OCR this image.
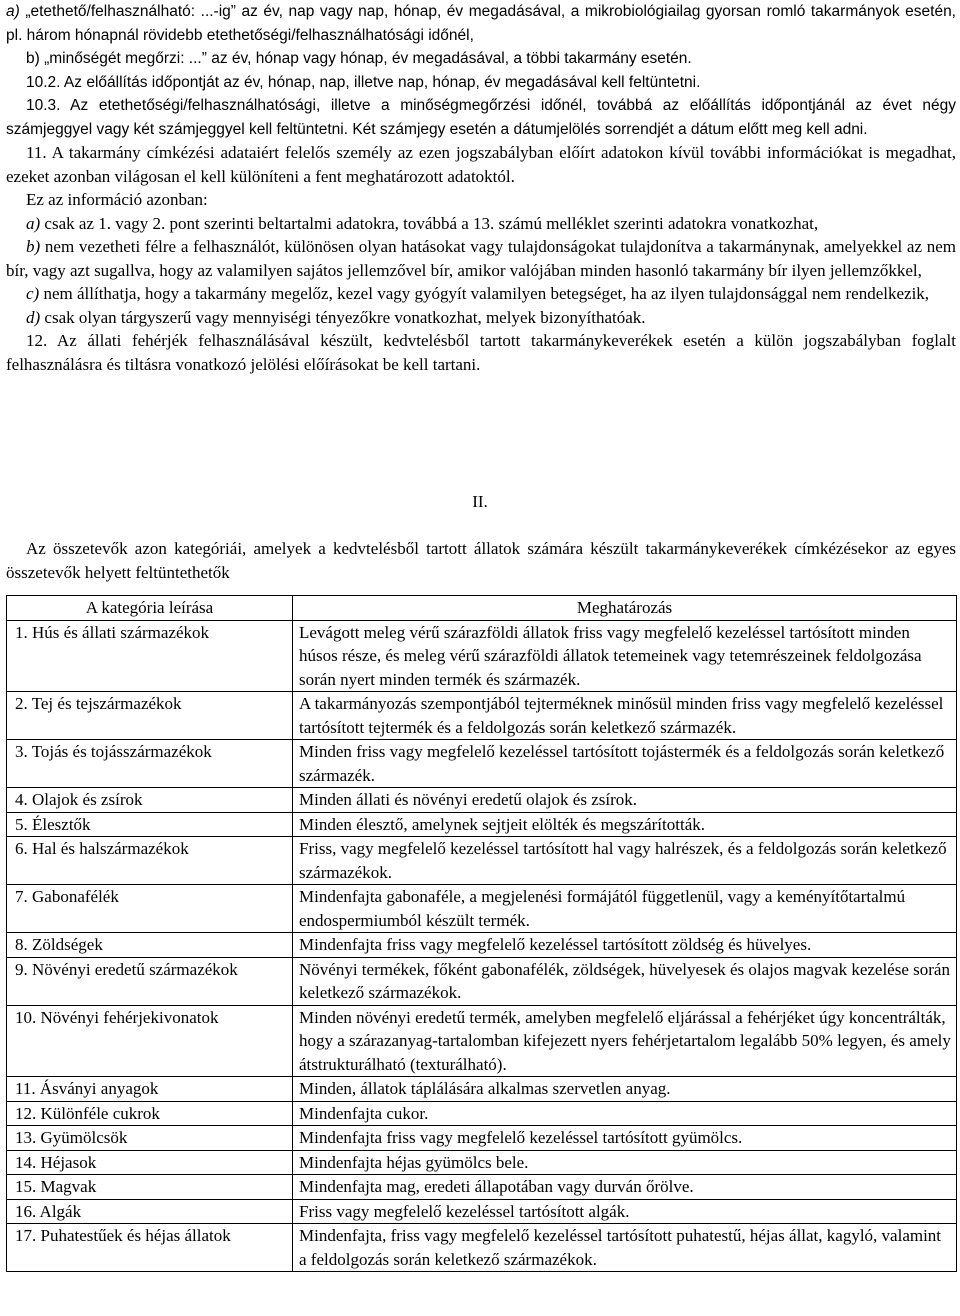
a) „etethető/felhasználható: ...-ig” az év, nap vagy nap, hónap, év megadásával, a mikrobiológiailag gyorsan romló takarmányok esetén, pl. három hónapnál rövidebb etethetőségi/felhasználhatósági időnél,

b) „minőségét megőrzi: ...” az év, hónap vagy hónap, év megadásával, a többi takarmány esetén.

10.2. Az előállítás időpontját az év, hónap, nap, illetve nap, hónap, év megadásával kell feltüntetni.

10.3. Az etethetőségi/felhasználhatósági, illetve a minőségmegőrzési időnél, továbbá az előállítás időpontjánál az évet négy számjeggyel vagy két számjeggyel kell feltüntetni. Két számjegy esetén a dátumjelölés sorrendjét a dátum előtt meg kell adni.

11. A takarmány címkézési adataiért felelős személy az ezen jogszabályban előírt adatokon kívül további információkat is megadhat, ezeket azonban világosan el kell különíteni a fent meghatározott adatoktól.

Ez az információ azonban:

a) csak az 1. vagy 2. pont szerinti beltartalmi adatokra, továbbá a 13. számú melléklet szerinti adatokra vonatkozhat,

b) nem vezetheti félre a felhasználót, különösen olyan hatásokat vagy tulajdonságokat tulajdonítva a takarmánynak, amelyekkel az nem bír, vagy azt sugallva, hogy az valamilyen sajátos jellemzővel bír, amikor valójában minden hasonló takarmány bír ilyen jellemzőkkel,

c) nem állíthatja, hogy a takarmány megelőz, kezel vagy gyógyít valamilyen betegséget, ha az ilyen tulajdonsággal nem rendelkezik,

d) csak olyan tárgyszerű vagy mennyiségi tényezőkre vonatkozhat, melyek bizonyíthatóak.

12. Az állati fehérjék felhasználásával készült, kedvtelésből tartott takarmánykeverékek esetén a külön jogszabályban foglalt felhasználásra és tiltásra vonatkozó jelölési előírásokat be kell tartani.

II.

Az összetevők azon kategóriái, amelyek a kedvtelésből tartott állatok számára készült takarmánykeverékek címkézésekor az egyes összetevők helyett feltüntethetők

A kategória leírása	Meghatározás
1. Hús és állati származékok	Levágott meleg vérű szárazföldi állatok friss vagy megfelelő kezeléssel tartósított minden húsos része, és meleg vérű szárazföldi állatok tetemeinek vagy tetemrészeinek feldolgozása során nyert minden termék és származék.
2. Tej és tejszármazékok	A takarmányozás szempontjából tejterméknek minősül minden friss vagy megfelelő kezeléssel tartósított tejtermék és a feldolgozás során keletkező származék.
3. Tojás és tojásszármazékok	Minden friss vagy megfelelő kezeléssel tartósított tojástermék és a feldolgozás során keletkező származék.
4. Olajok és zsírok	Minden állati és növényi eredetű olajok és zsírok.
5. Élesztők	Minden élesztő, amelynek sejtjeit elölték és megszárították.
6. Hal és halszármazékok	Friss, vagy megfelelő kezeléssel tartósított hal vagy halrészek, és a feldolgozás során keletkező származékok.
7. Gabonafélék	Mindenfajta gabonaféle, a megjelenési formájától függetlenül, vagy a keményítőtartalmú endospermiumból készült termék.
8. Zöldségek	Mindenfajta friss vagy megfelelő kezeléssel tartósított zöldség és hüvelyes.
9. Növényi eredetű származékok	Növényi termékek, főként gabonafélék, zöldségek, hüvelyesek és olajos magvak kezelése során keletkező származékok.
10. Növényi fehérjekivonatok	Minden növényi eredetű termék, amelyben megfelelő eljárással a fehérjéket úgy koncentrálták, hogy a szárazanyag-tartalomban kifejezett nyers fehérjetartalom legalább 50% legyen, és amely átstrukturálható (texturálható).
11. Ásványi anyagok	Minden, állatok táplálására alkalmas szervetlen anyag.
12. Különféle cukrok	Mindenfajta cukor.
13. Gyümölcsök	Mindenfajta friss vagy megfelelő kezeléssel tartósított gyümölcs.
14. Héjasok	Mindenfajta héjas gyümölcs bele.
15. Magvak	Mindenfajta mag, eredeti állapotában vagy durván őrölve.
16. Algák	Friss vagy megfelelő kezeléssel tartósított algák.
17. Puhatestűek és héjas állatok	Mindenfajta, friss vagy megfelelő kezeléssel tartósított puhatestű, héjas állat, kagyló, valamint a feldolgozás során keletkező származékok.
